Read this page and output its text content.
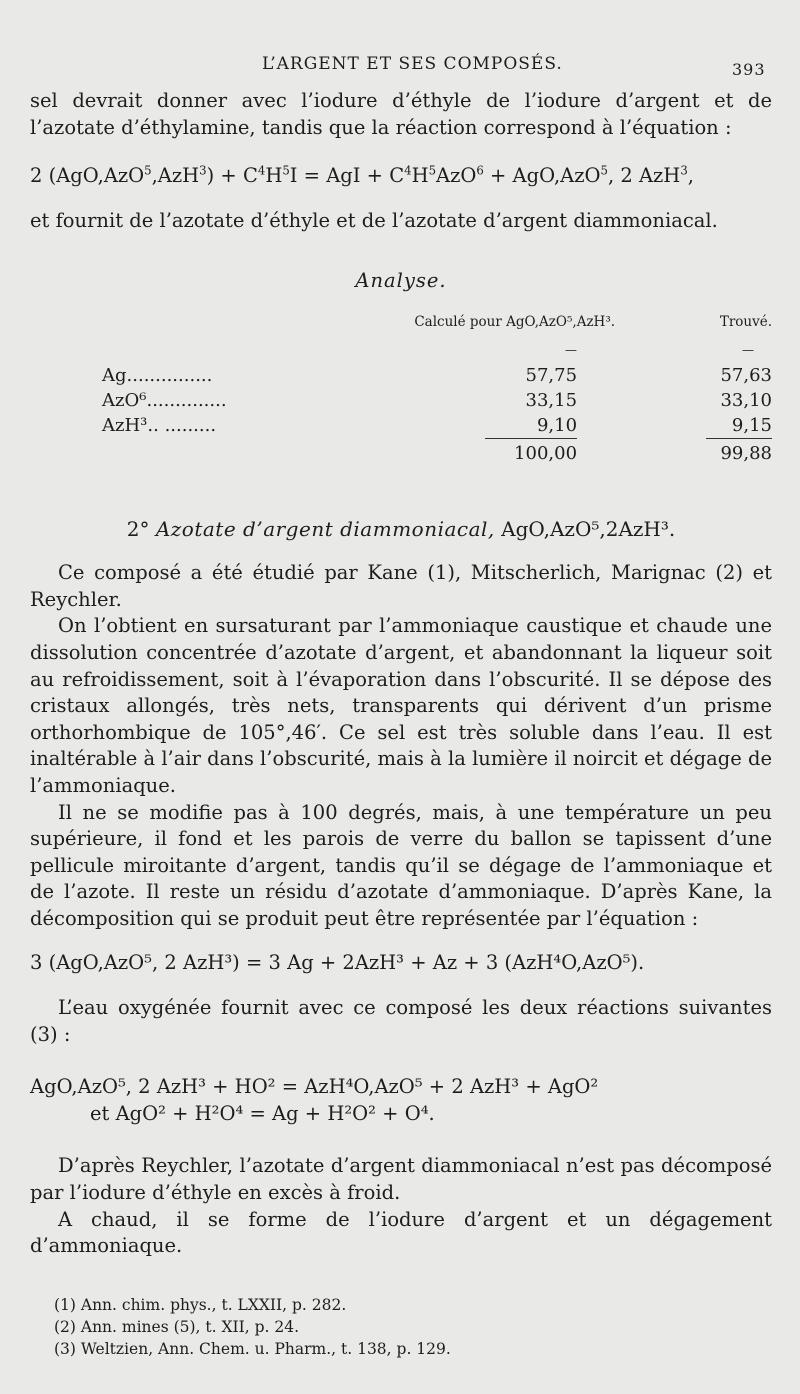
L’ARGENT ET SES COMPOSÉS.	393

sel devrait donner avec l’iodure d’éthyle de l’iodure d’argent et de l’azotate d’éthylamine, tandis que la réaction correspond à l’équation :

2 $(AgO,AzO^5,AzH^3) + C^4H^5I$ = AgI + $C^4H^5AzO^6 + AgO,AzO^5$, 2 AzH$^3$,

et fournit de l’azotate d’éthyle et de l’azotate d’argent diammoniacal.

Analyse.
	Calculé pour AgO,AzO⁵,AzH³.	Trouvé.
	—	—
Ag...............	57,75	57,63
AzO⁶..............	33,15	33,10
AzH³.. .........	9,10	9,15
	100,00	99,88
2° Azotate d’argent diammoniacal, AgO,AzO⁵,2AzH³.

Ce composé a été étudié par Kane (1), Mitscherlich, Marignac (2) et Reychler.

On l’obtient en sursaturant par l’ammoniaque caustique et chaude une dissolution concentrée d’azotate d’argent, et abandonnant la liqueur soit au refroidissement, soit à l’évaporation dans l’obscurité. Il se dépose des cristaux allongés, très nets, transparents qui dérivent d’un prisme orthorhombique de 105°,46′. Ce sel est très soluble dans l’eau. Il est inaltérable à l’air dans l’obscurité, mais à la lumière il noircit et dégage de l’ammoniaque.

Il ne se modifie pas à 100 degrés, mais, à une température un peu supérieure, il fond et les parois de verre du ballon se tapissent d’une pellicule miroitante d’argent, tandis qu’il se dégage de l’ammoniaque et de l’azote. Il reste un résidu d’azotate d’ammoniaque. D’après Kane, la décomposition qui se produit peut être représentée par l’équation :

3 (AgO,AzO⁵, 2 AzH³) = 3 Ag + 2AzH³ + Az + 3 (AzH⁴O,AzO⁵).

L’eau oxygénée fournit avec ce composé les deux réactions suivantes (3) :

AgO,AzO⁵, 2 AzH³ + HO² = AzH⁴O,AzO⁵ + 2 AzH³ + AgO²

et AgO² + H²O⁴ = Ag + H²O² + O⁴.

D’après Reychler, l’azotate d’argent diammoniacal n’est pas décomposé par l’iodure d’éthyle en excès à froid.

A chaud, il se forme de l’iodure d’argent et un dégagement d’ammoniaque.

(1) Ann. chim. phys., t. LXXII, p. 282.

(2) Ann. mines (5), t. XII, p. 24.

(3) Weltzien, Ann. Chem. u. Pharm., t. 138, p. 129.
